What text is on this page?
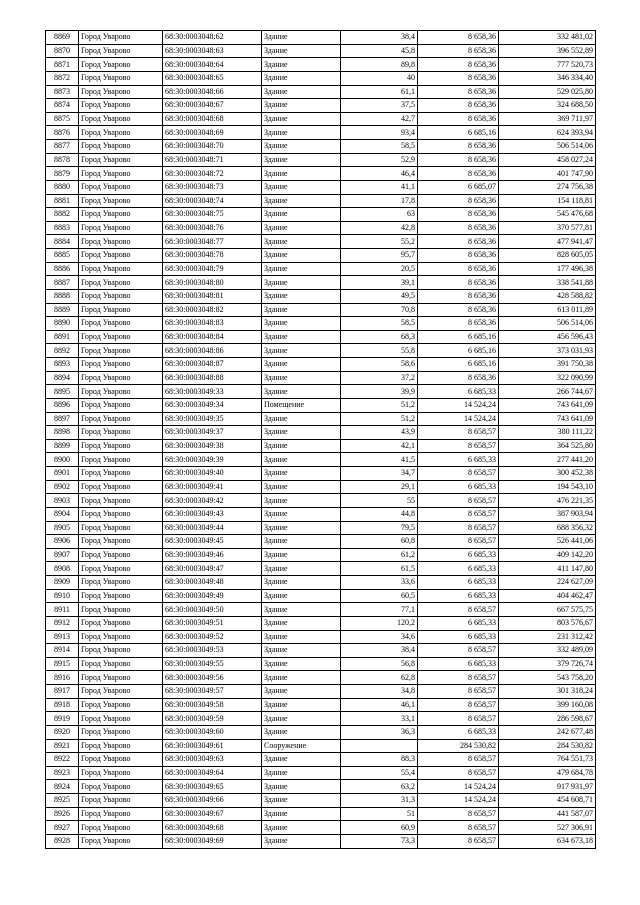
8869	Город Уварово	68:30:0003048:62	Здание	38,4	8 658,36	332 481,02
8870	Город Уварово	68:30:0003048:63	Здание	45,8	8 658,36	396 552,89
8871	Город Уварово	68:30:0003048:64	Здание	89,8	8 658,36	777 520,73
8872	Город Уварово	68:30:0003048:65	Здание	40	8 658,36	346 334,40
8873	Город Уварово	68:30:0003048:66	Здание	61,1	8 658,36	529 025,80
8874	Город Уварово	68:30:0003048:67	Здание	37,5	8 658,36	324 688,50
8875	Город Уварово	68:30:0003048:68	Здание	42,7	8 658,36	369 711,97
8876	Город Уварово	68:30:0003048:69	Здание	93,4	6 685,16	624 393,94
8877	Город Уварово	68:30:0003048:70	Здание	58,5	8 658,36	506 514,06
8878	Город Уварово	68:30:0003048:71	Здание	52,9	8 658,36	458 027,24
8879	Город Уварово	68:30:0003048:72	Здание	46,4	8 658,36	401 747,90
8880	Город Уварово	68:30:0003048:73	Здание	41,1	6 685,07	274 756,38
8881	Город Уварово	68:30:0003048:74	Здание	17,8	8 658,36	154 118,81
8882	Город Уварово	68:30:0003048:75	Здание	63	8 658,36	545 476,68
8883	Город Уварово	68:30:0003048:76	Здание	42,8	8 658,36	370 577,81
8884	Город Уварово	68:30:0003048:77	Здание	55,2	8 658,36	477 941,47
8885	Город Уварово	68:30:0003048:78	Здание	95,7	8 658,36	828 605,05
8886	Город Уварово	68:30:0003048:79	Здание	20,5	8 658,36	177 496,38
8887	Город Уварово	68:30:0003048:80	Здание	39,1	8 658,36	338 541,88
8888	Город Уварово	68:30:0003048:81	Здание	49,5	8 658,36	428 588,82
8889	Город Уварово	68:30:0003048:82	Здание	70,8	8 658,36	613 011,89
8890	Город Уварово	68:30:0003048:83	Здание	58,5	8 658,36	506 514,06
8891	Город Уварово	68:30:0003048:84	Здание	68,3	6 685,16	456 596,43
8892	Город Уварово	68:30:0003048:86	Здание	55,8	6 685,16	373 031,93
8893	Город Уварово	68:30:0003048:87	Здание	58,6	6 685,16	391 750,38
8894	Город Уварово	68:30:0003048:88	Здание	37,2	8 658,36	322 090,99
8895	Город Уварово	68:30:0003049:33	Здание	39,9	6 685,33	266 744,67
8896	Город Уварово	68:30:0003049:34	Помещение	51,2	14 524,24	743 641,09
8897	Город Уварово	68:30:0003049:35	Здание	51,2	14 524,24	743 641,09
8898	Город Уварово	68:30:0003049:37	Здание	43,9	8 658,57	380 111,22
8899	Город Уварово	68:30:0003049:38	Здание	42,1	8 658,57	364 525,80
8900	Город Уварово	68:30:0003049:39	Здание	41,5	6 685,33	277 441,20
8901	Город Уварово	68:30:0003049:40	Здание	34,7	8 658,57	300 452,38
8902	Город Уварово	68:30:0003049:41	Здание	29,1	6 685,33	194 543,10
8903	Город Уварово	68:30:0003049:42	Здание	55	8 658,57	476 221,35
8904	Город Уварово	68:30:0003049:43	Здание	44,8	8 658,57	387 903,94
8905	Город Уварово	68:30:0003049:44	Здание	79,5	8 658,57	688 356,32
8906	Город Уварово	68:30:0003049:45	Здание	60,8	8 658,57	526 441,06
8907	Город Уварово	68:30:0003049:46	Здание	61,2	6 685,33	409 142,20
8908	Город Уварово	68:30:0003049:47	Здание	61,5	6 685,33	411 147,80
8909	Город Уварово	68:30:0003049:48	Здание	33,6	6 685,33	224 627,09
8910	Город Уварово	68:30:0003049:49	Здание	60,5	6 685,33	404 462,47
8911	Город Уварово	68:30:0003049:50	Здание	77,1	8 658,57	667 575,75
8912	Город Уварово	68:30:0003049:51	Здание	120,2	6 685,33	803 576,67
8913	Город Уварово	68:30:0003049:52	Здание	34,6	6 685,33	231 312,42
8914	Город Уварово	68:30:0003049:53	Здание	38,4	8 658,57	332 489,09
8915	Город Уварово	68:30:0003049:55	Здание	56,8	6 685,33	379 726,74
8916	Город Уварово	68:30:0003049:56	Здание	62,8	8 658,57	543 758,20
8917	Город Уварово	68:30:0003049:57	Здание	34,8	8 658,57	301 318,24
8918	Город Уварово	68:30:0003049:58	Здание	46,1	8 658,57	399 160,08
8919	Город Уварово	68:30:0003049:59	Здание	33,1	8 658,57	286 598,67
8920	Город Уварово	68:30:0003049:60	Здание	36,3	6 685,33	242 677,48
8921	Город Уварово	68:30:0003049:61	Сооружение		284 530,82	284 530,82
8922	Город Уварово	68:30:0003049:63	Здание	88,3	8 658,57	764 551,73
8923	Город Уварово	68:30:0003049:64	Здание	55,4	8 658,57	479 684,78
8924	Город Уварово	68:30:0003049:65	Здание	63,2	14 524,24	917 931,97
8925	Город Уварово	68:30:0003049:66	Здание	31,3	14 524,24	454 608,71
8926	Город Уварово	68:30:0003049:67	Здание	51	8 658,57	441 587,07
8927	Город Уварово	68:30:0003049:68	Здание	60,9	8 658,57	527 306,91
8928	Город Уварово	68:30:0003049:69	Здание	73,3	8 658,57	634 673,18
